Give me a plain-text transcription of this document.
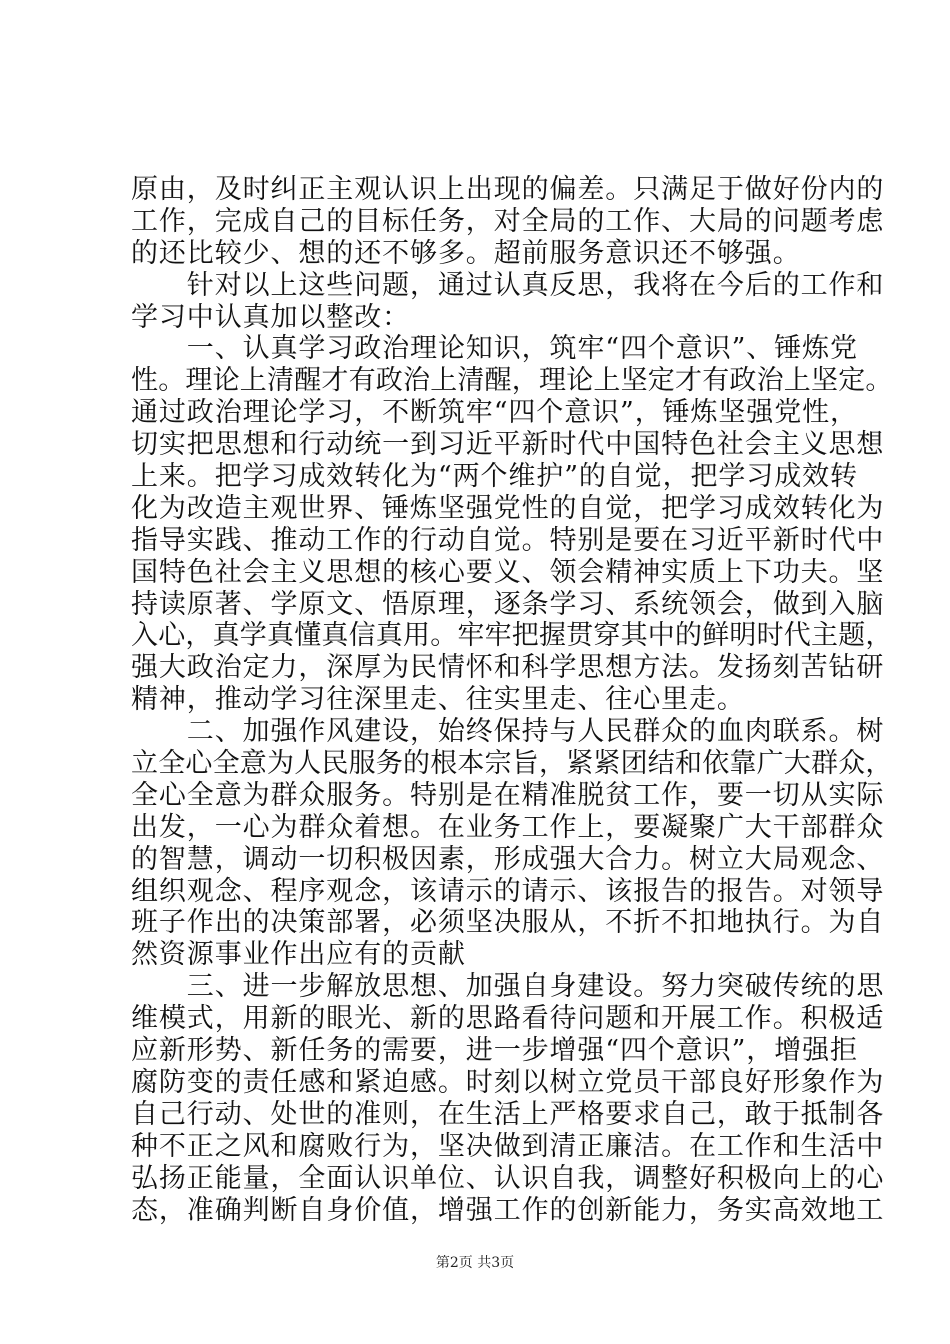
原由，及时纠正主观认识上出现的偏差。只满足于做好份内的
工作，完成自己的目标任务，对全局的工作、大局的问题考虑
的还比较少、想的还不够多。超前服务意识还不够强。
　　针对以上这些问题，通过认真反思，我将在今后的工作和
学习中认真加以整改：
　　一、认真学习政治理论知识，筑牢“四个意识”、锤炼党
性。理论上清醒才有政治上清醒，理论上坚定才有政治上坚定。
通过政治理论学习，不断筑牢“四个意识”，锤炼坚强党性，
切实把思想和行动统一到习近平新时代中国特色社会主义思想
上来。把学习成效转化为“两个维护”的自觉，把学习成效转
化为改造主观世界、锤炼坚强党性的自觉，把学习成效转化为
指导实践、推动工作的行动自觉。特别是要在习近平新时代中
国特色社会主义思想的核心要义、领会精神实质上下功夫。坚
持读原著、学原文、悟原理，逐条学习、系统领会，做到入脑
入心，真学真懂真信真用。牢牢把握贯穿其中的鲜明时代主题，
强大政治定力，深厚为民情怀和科学思想方法。发扬刻苦钻研
精神，推动学习往深里走、往实里走、往心里走。
　　二、加强作风建设，始终保持与人民群众的血肉联系。树
立全心全意为人民服务的根本宗旨，紧紧团结和依靠广大群众，
全心全意为群众服务。特别是在精准脱贫工作，要一切从实际
出发，一心为群众着想。在业务工作上，要凝聚广大干部群众
的智慧，调动一切积极因素，形成强大合力。树立大局观念、
组织观念、程序观念，该请示的请示、该报告的报告。对领导
班子作出的决策部署，必须坚决服从，不折不扣地执行。为自
然资源事业作出应有的贡献
　　三、进一步解放思想、加强自身建设。努力突破传统的思
维模式，用新的眼光、新的思路看待问题和开展工作。积极适
应新形势、新任务的需要，进一步增强“四个意识”，增强拒
腐防变的责任感和紧迫感。时刻以树立党员干部良好形象作为
自己行动、处世的准则，在生活上严格要求自己，敢于抵制各
种不正之风和腐败行为，坚决做到清正廉洁。在工作和生活中
弘扬正能量，全面认识单位、认识自我，调整好积极向上的心
态，准确判断自身价值，增强工作的创新能力，务实高效地工
第2页 共3页
